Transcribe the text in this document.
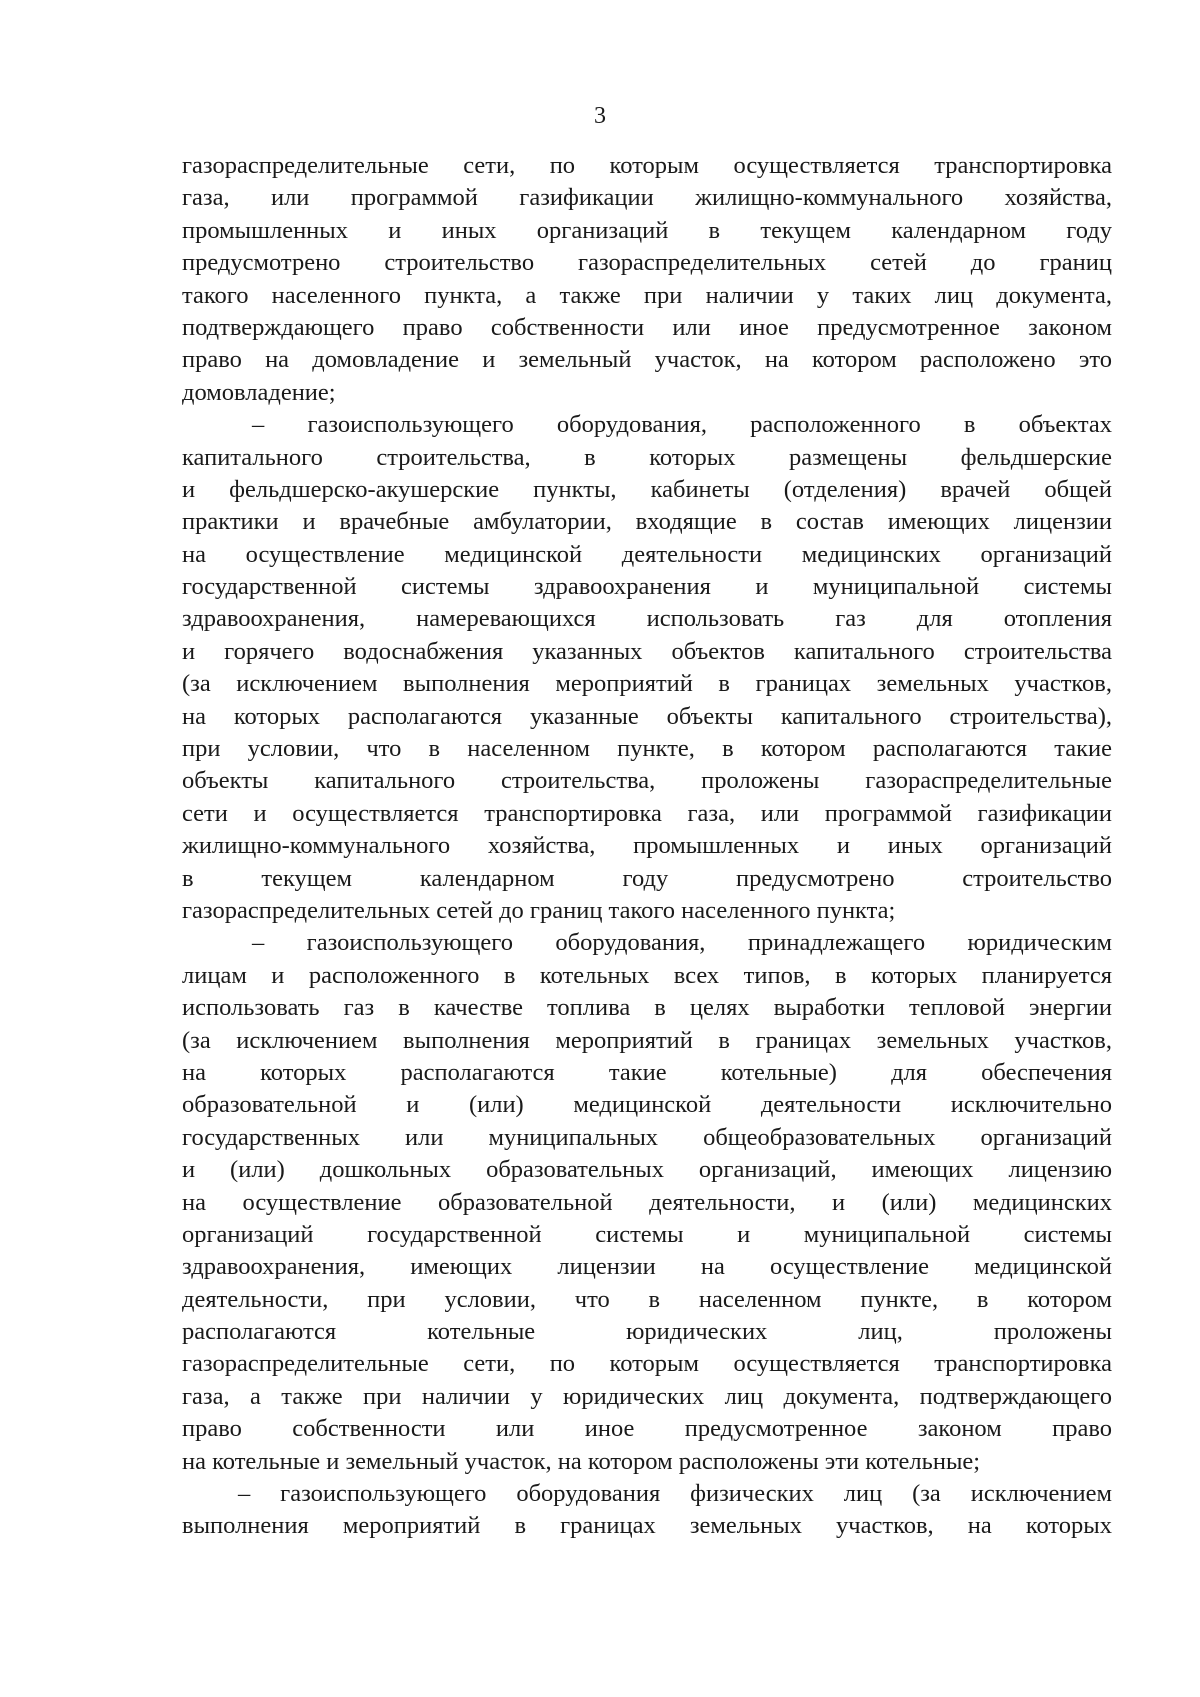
3
газораспределительные сети, по которым осуществляется транспортировка
газа, или программой газификации жилищно-коммунального хозяйства,
промышленных и иных организаций в текущем календарном году
предусмотрено строительство газораспределительных сетей до границ
такого населенного пункта, а также при наличии у таких лиц документа,
подтверждающего право собственности или иное предусмотренное законом
право на домовладение и земельный участок, на котором расположено это
домовладение;
– газоиспользующего оборудования, расположенного в объектах
капитального строительства, в которых размещены фельдшерские
и фельдшерско-акушерские пункты, кабинеты (отделения) врачей общей
практики и врачебные амбулатории, входящие в состав имеющих лицензии
на осуществление медицинской деятельности медицинских организаций
государственной системы здравоохранения и муниципальной системы
здравоохранения, намеревающихся использовать газ для отопления
и горячего водоснабжения указанных объектов капитального строительства
(за исключением выполнения мероприятий в границах земельных участков,
на которых располагаются указанные объекты капитального строительства),
при условии, что в населенном пункте, в котором располагаются такие
объекты капитального строительства, проложены газораспределительные
сети и осуществляется транспортировка газа, или программой газификации
жилищно-коммунального хозяйства, промышленных и иных организаций
в текущем календарном году предусмотрено строительство
газораспределительных сетей до границ такого населенного пункта;
– газоиспользующего оборудования, принадлежащего юридическим
лицам и расположенного в котельных всех типов, в которых планируется
использовать газ в качестве топлива в целях выработки тепловой энергии
(за исключением выполнения мероприятий в границах земельных участков,
на которых располагаются такие котельные) для обеспечения
образовательной и (или) медицинской деятельности исключительно
государственных или муниципальных общеобразовательных организаций
и (или) дошкольных образовательных организаций, имеющих лицензию
на осуществление образовательной деятельности, и (или) медицинских
организаций государственной системы и муниципальной системы
здравоохранения, имеющих лицензии на осуществление медицинской
деятельности, при условии, что в населенном пункте, в котором
располагаются котельные юридических лиц, проложены
газораспределительные сети, по которым осуществляется транспортировка
газа, а также при наличии у юридических лиц документа, подтверждающего
право собственности или иное предусмотренное законом право
на котельные и земельный участок, на котором расположены эти котельные;
– газоиспользующего оборудования физических лиц (за исключением
выполнения мероприятий в границах земельных участков, на которых
